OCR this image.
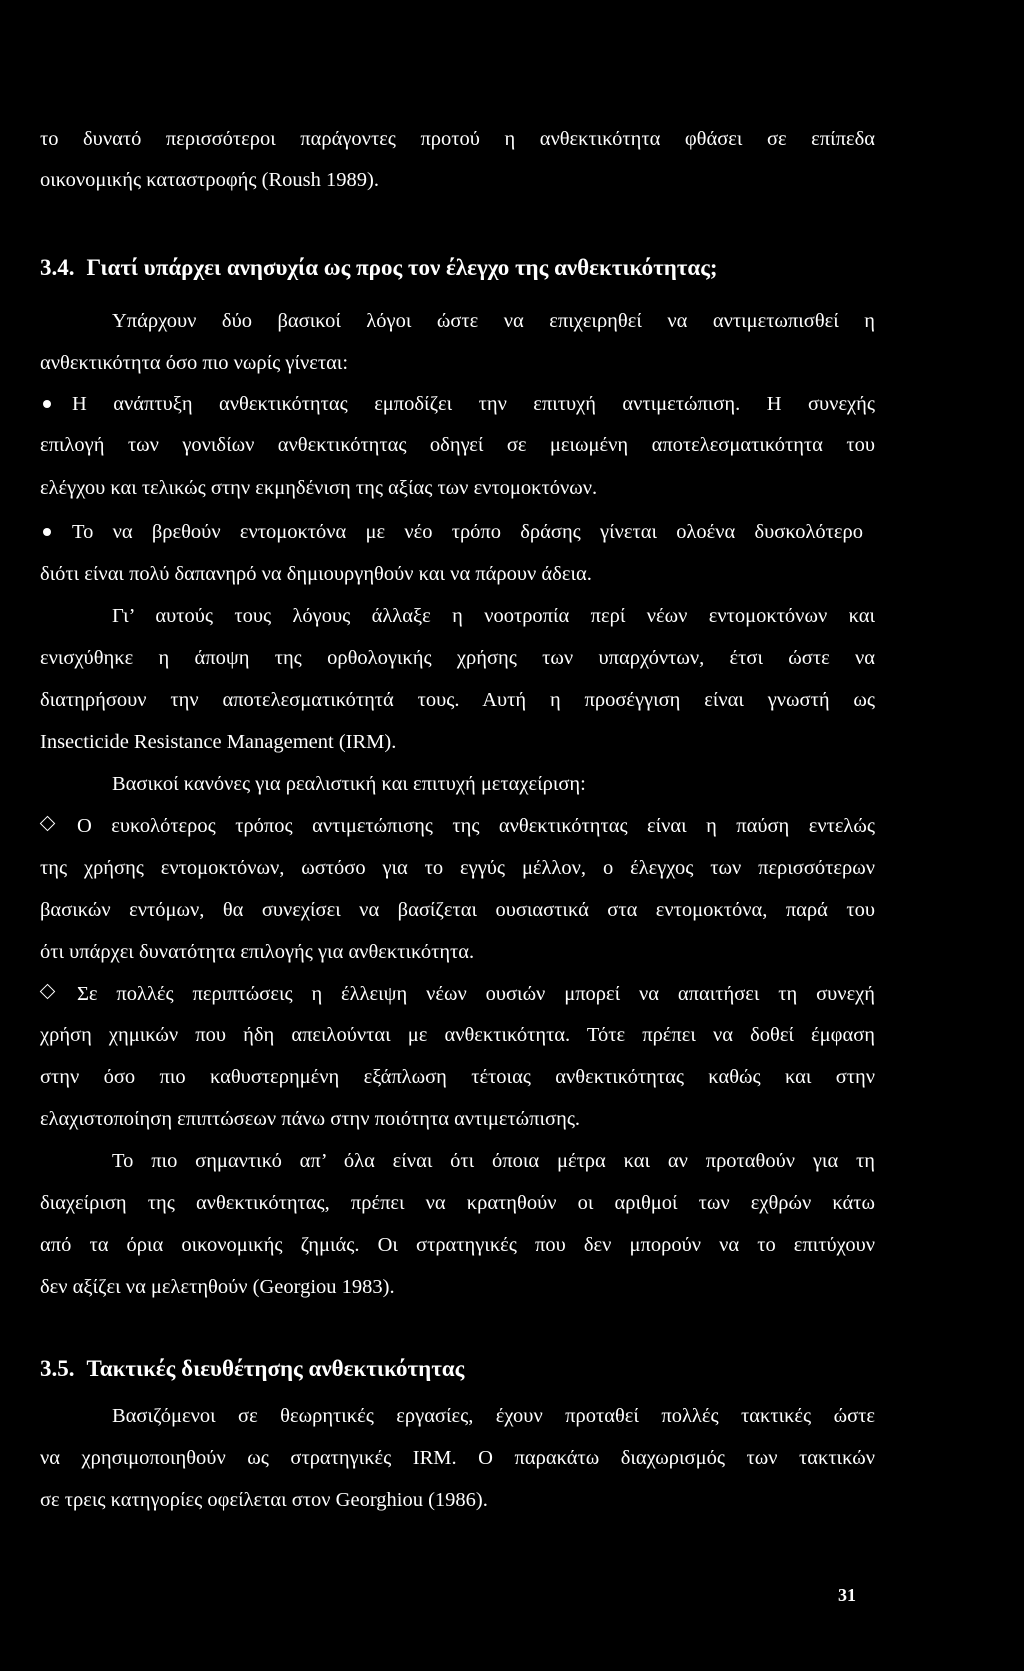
το δυνατό περισσότεροι παράγοντες προτού η ανθεκτικότητα φθάσει σε επίπεδα
οικονομικής καταστροφής (Roush 1989).
3.4. Γιατί υπάρχει ανησυχία ως προς τον έλεγχο της ανθεκτικότητας;
Υπάρχουν δύο βασικοί λόγοι ώστε να επιχειρηθεί να αντιμετωπισθεί η
ανθεκτικότητα όσο πιο νωρίς γίνεται:
Η ανάπτυξη ανθεκτικότητας εμποδίζει την επιτυχή αντιμετώπιση. Η συνεχής
επιλογή των γονιδίων ανθεκτικότητας οδηγεί σε μειωμένη αποτελεσματικότητα του
ελέγχου και τελικώς στην εκμηδένιση της αξίας των εντομοκτόνων.
Το να βρεθούν εντομοκτόνα με νέο τρόπο δράσης γίνεται ολοένα δυσκολότερο
διότι είναι πολύ δαπανηρό να δημιουργηθούν και να πάρουν άδεια.
Γι’ αυτούς τους λόγους άλλαξε η νοοτροπία περί νέων εντομοκτόνων και
ενισχύθηκε η άποψη της ορθολογικής χρήσης των υπαρχόντων, έτσι ώστε να
διατηρήσουν την αποτελεσματικότητά τους. Αυτή η προσέγγιση είναι γνωστή ως
Insecticide Resistance Management (IRM).
Βασικοί κανόνες για ρεαλιστική και επιτυχή μεταχείριση:
Ο ευκολότερος τρόπος αντιμετώπισης της ανθεκτικότητας είναι η παύση εντελώς
της χρήσης εντομοκτόνων, ωστόσο για το εγγύς μέλλον, ο έλεγχος των περισσότερων
βασικών εντόμων, θα συνεχίσει να βασίζεται ουσιαστικά στα εντομοκτόνα, παρά του
ότι υπάρχει δυνατότητα επιλογής για ανθεκτικότητα.
Σε πολλές περιπτώσεις η έλλειψη νέων ουσιών μπορεί να απαιτήσει τη συνεχή
χρήση χημικών που ήδη απειλούνται με ανθεκτικότητα. Τότε πρέπει να δοθεί έμφαση
στην όσο πιο καθυστερημένη εξάπλωση τέτοιας ανθεκτικότητας καθώς και στην
ελαχιστοποίηση επιπτώσεων πάνω στην ποιότητα αντιμετώπισης.
Το πιο σημαντικό απ’ όλα είναι ότι όποια μέτρα και αν προταθούν για τη
διαχείριση της ανθεκτικότητας, πρέπει να κρατηθούν οι αριθμοί των εχθρών κάτω
από τα όρια οικονομικής ζημιάς. Οι στρατηγικές που δεν μπορούν να το επιτύχουν
δεν αξίζει να μελετηθούν (Georgiou 1983).
3.5. Τακτικές διευθέτησης ανθεκτικότητας
Βασιζόμενοι σε θεωρητικές εργασίες, έχουν προταθεί πολλές τακτικές ώστε
να χρησιμοποιηθούν ως στρατηγικές IRM. Ο παρακάτω διαχωρισμός των τακτικών
σε τρεις κατηγορίες οφείλεται στον Georghiou (1986).
31
